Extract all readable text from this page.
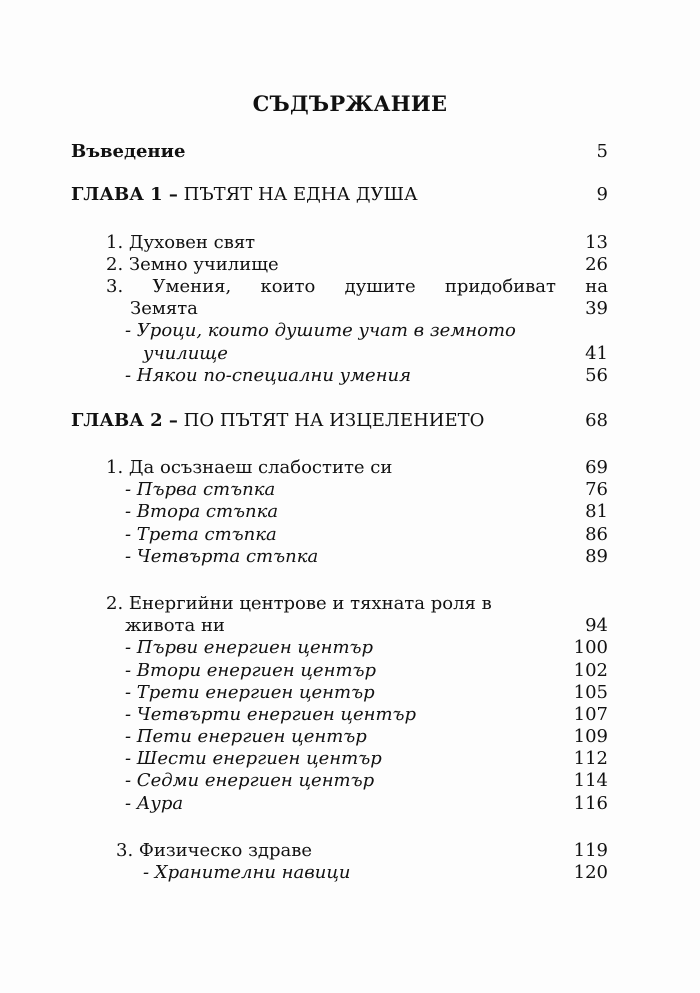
СЪДЪРЖАНИЕ
Въведение	5
ГЛАВА 1 – ПЪТЯТ НА ЕДНА ДУША	9
1. Духовен свят	13
2. Земно училище	26
3. Умения, които душите придобиват на
Земята	39
- Уроци, които душите учат в земното
училище	41
- Някои по-специални умения	56
ГЛАВА 2 – ПО ПЪТЯТ НА ИЗЦЕЛЕНИЕТО	68
1. Да осъзнаеш слабостите си	69
- Първа стъпка	76
- Втора стъпка	81
- Трета стъпка	86
- Четвърта стъпка	89
2. Енергийни центрове и тяхната роля в
живота ни	94
- Първи енергиен център	100
- Втори енергиен център	102
- Трети енергиен център	105
- Четвърти енергиен център	107
- Пети енергиен център	109
- Шести енергиен център	112
- Седми енергиен център	114
- Аура	116
3. Физическо здраве	119
- Хранителни навици	120
